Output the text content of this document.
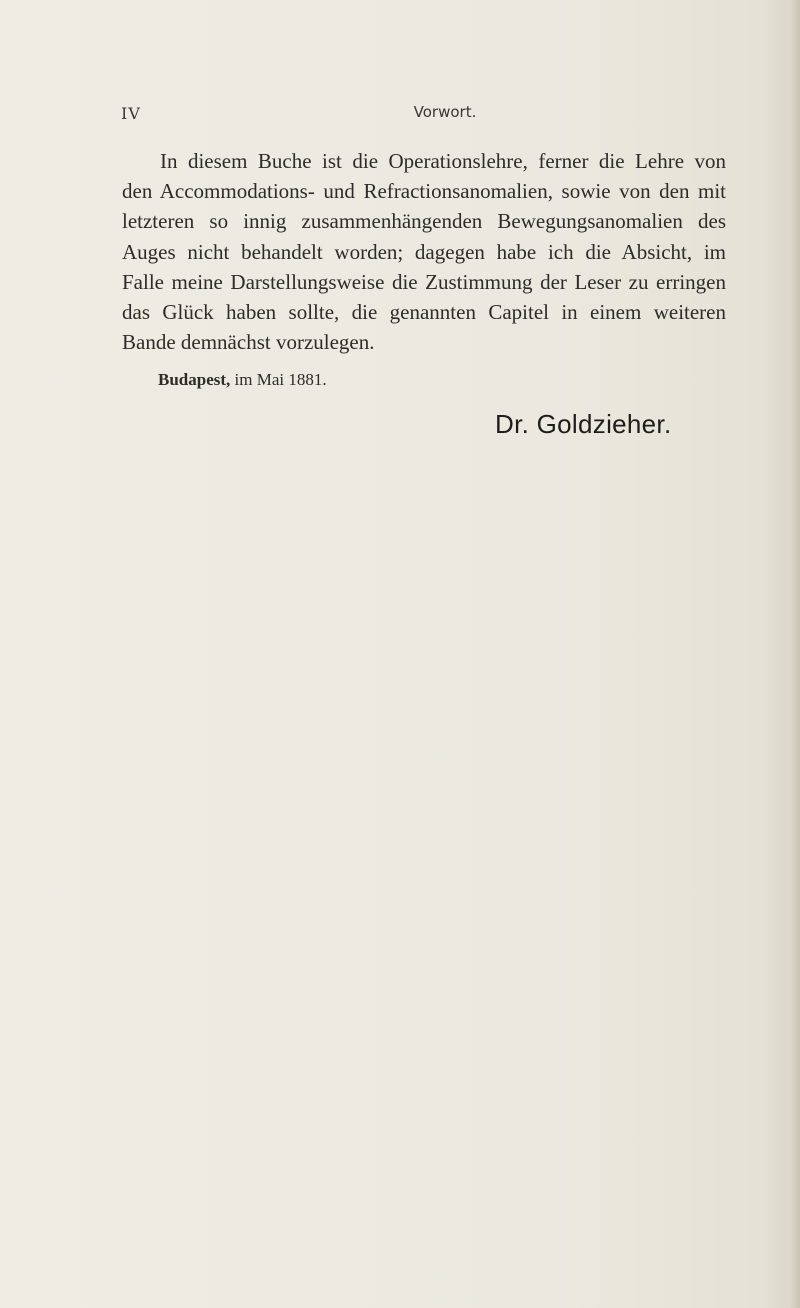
IV	Vorwort.
In diesem Buche ist die Operationslehre, ferner die Lehre von
den Accommodations- und Refractionsanomalien, sowie von den mit
letzteren so innig zusammenhängenden Bewegungsanomalien des
Auges nicht behandelt worden; dagegen habe ich die Absicht, im
Falle meine Darstellungsweise die Zustimmung der Leser zu erringen
das Glück haben sollte, die genannten Capitel in einem weiteren
Bande demnächst vorzulegen.
Budapest, im Mai 1881.
Dr. Goldzieher.
